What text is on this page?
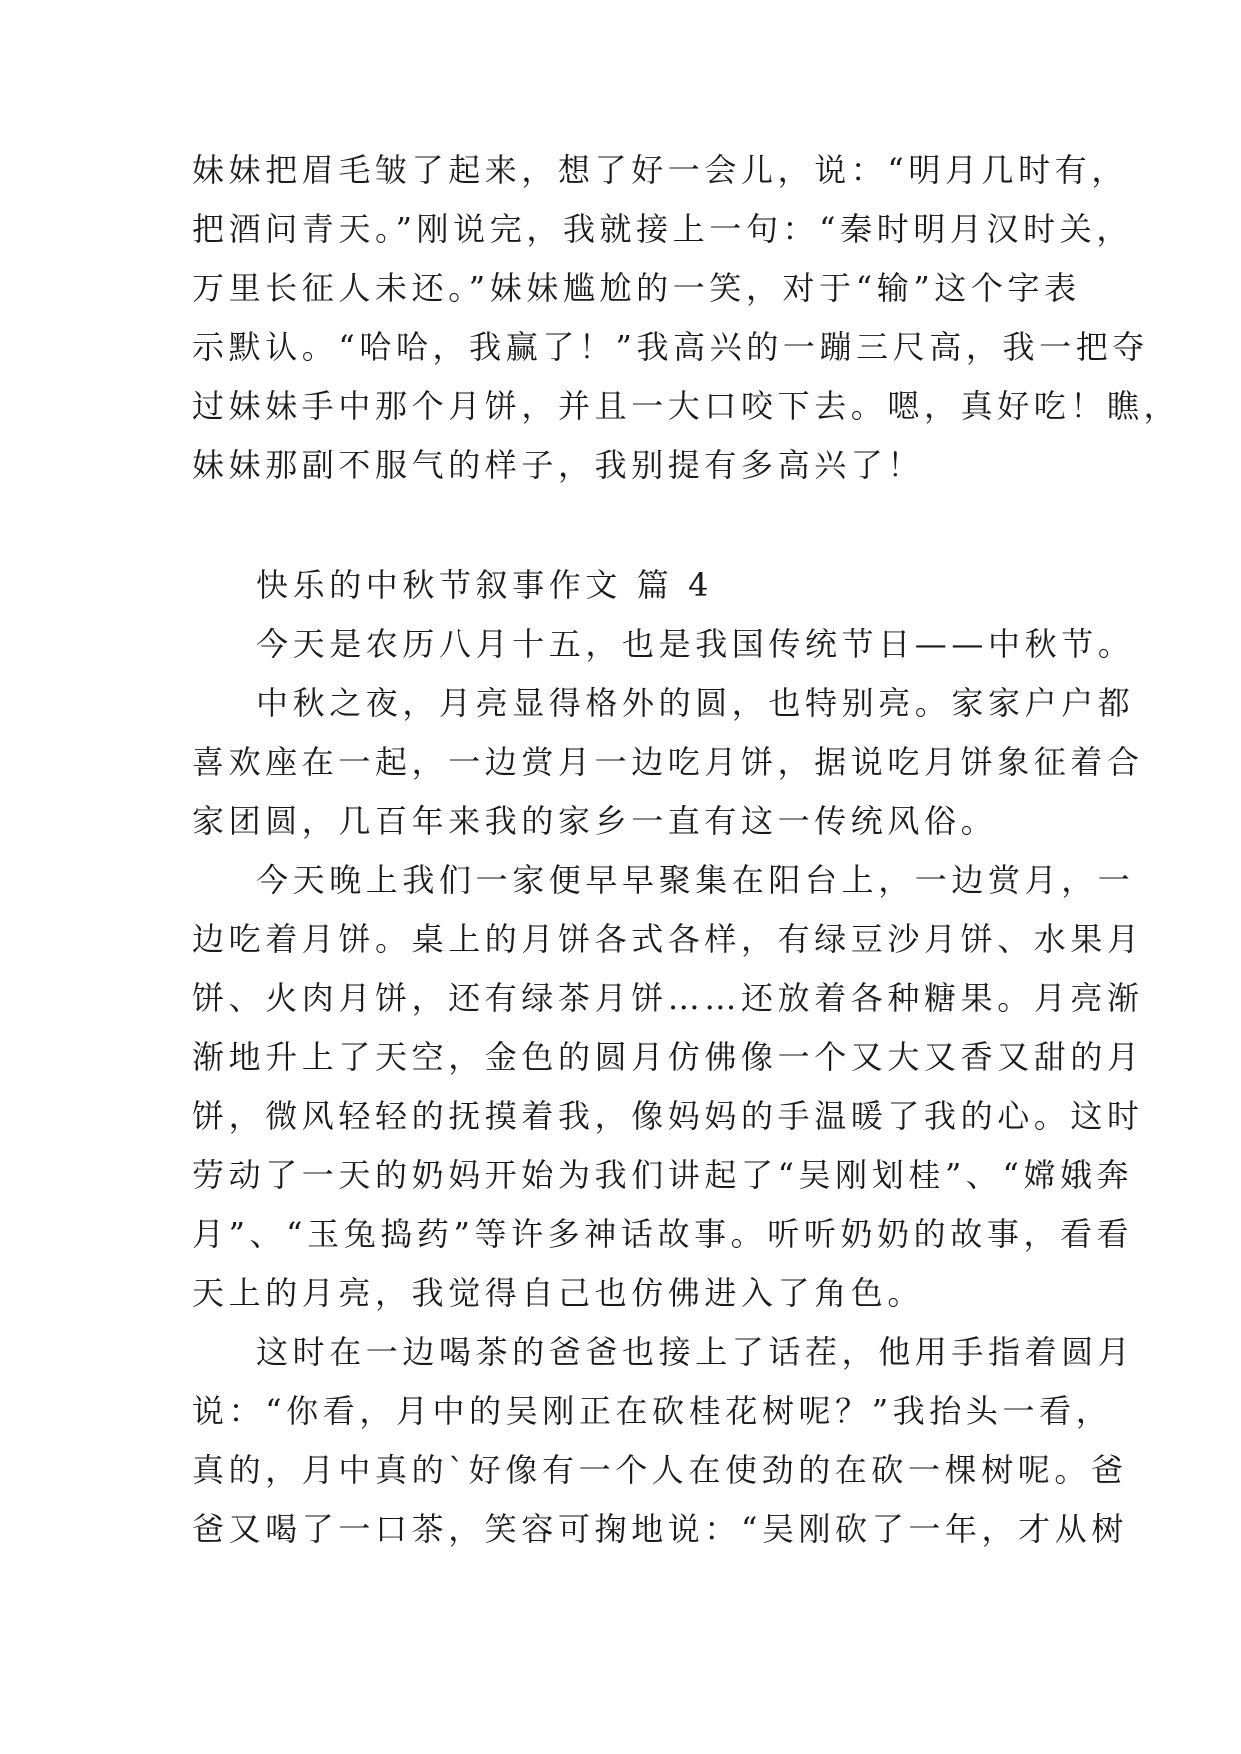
妹妹把眉毛皱了起来，想了好一会儿，说：“明月几时有，
把酒问青天。”刚说完，我就接上一句：“秦时明月汉时关，
万里长征人未还。”妹妹尴尬的一笑，对于“输”这个字表
示默认。“哈哈，我赢了！”我高兴的一蹦三尺高，我一把夺
过妹妹手中那个月饼，并且一大口咬下去。嗯，真好吃！瞧，
妹妹那副不服气的样子，我别提有多高兴了！
快乐的中秋节叙事作文 篇 4
今天是农历八月十五，也是我国传统节日——中秋节。
中秋之夜，月亮显得格外的圆，也特别亮。家家户户都
喜欢座在一起，一边赏月一边吃月饼，据说吃月饼象征着合
家团圆，几百年来我的家乡一直有这一传统风俗。
今天晚上我们一家便早早聚集在阳台上，一边赏月，一
边吃着月饼。桌上的月饼各式各样，有绿豆沙月饼、水果月
饼、火肉月饼，还有绿茶月饼……还放着各种糖果。月亮渐
渐地升上了天空，金色的圆月仿佛像一个又大又香又甜的月
饼，微风轻轻的抚摸着我，像妈妈的手温暖了我的心。这时
劳动了一天的奶妈开始为我们讲起了“吴刚划桂”、“嫦娥奔
月”、“玉兔捣药”等许多神话故事。听听奶奶的故事，看看
天上的月亮，我觉得自己也仿佛进入了角色。
这时在一边喝茶的爸爸也接上了话茬，他用手指着圆月
说：“你看，月中的吴刚正在砍桂花树呢？”我抬头一看，
真的，月中真的`好像有一个人在使劲的在砍一棵树呢。爸
爸又喝了一口茶，笑容可掬地说：“吴刚砍了一年，才从树
